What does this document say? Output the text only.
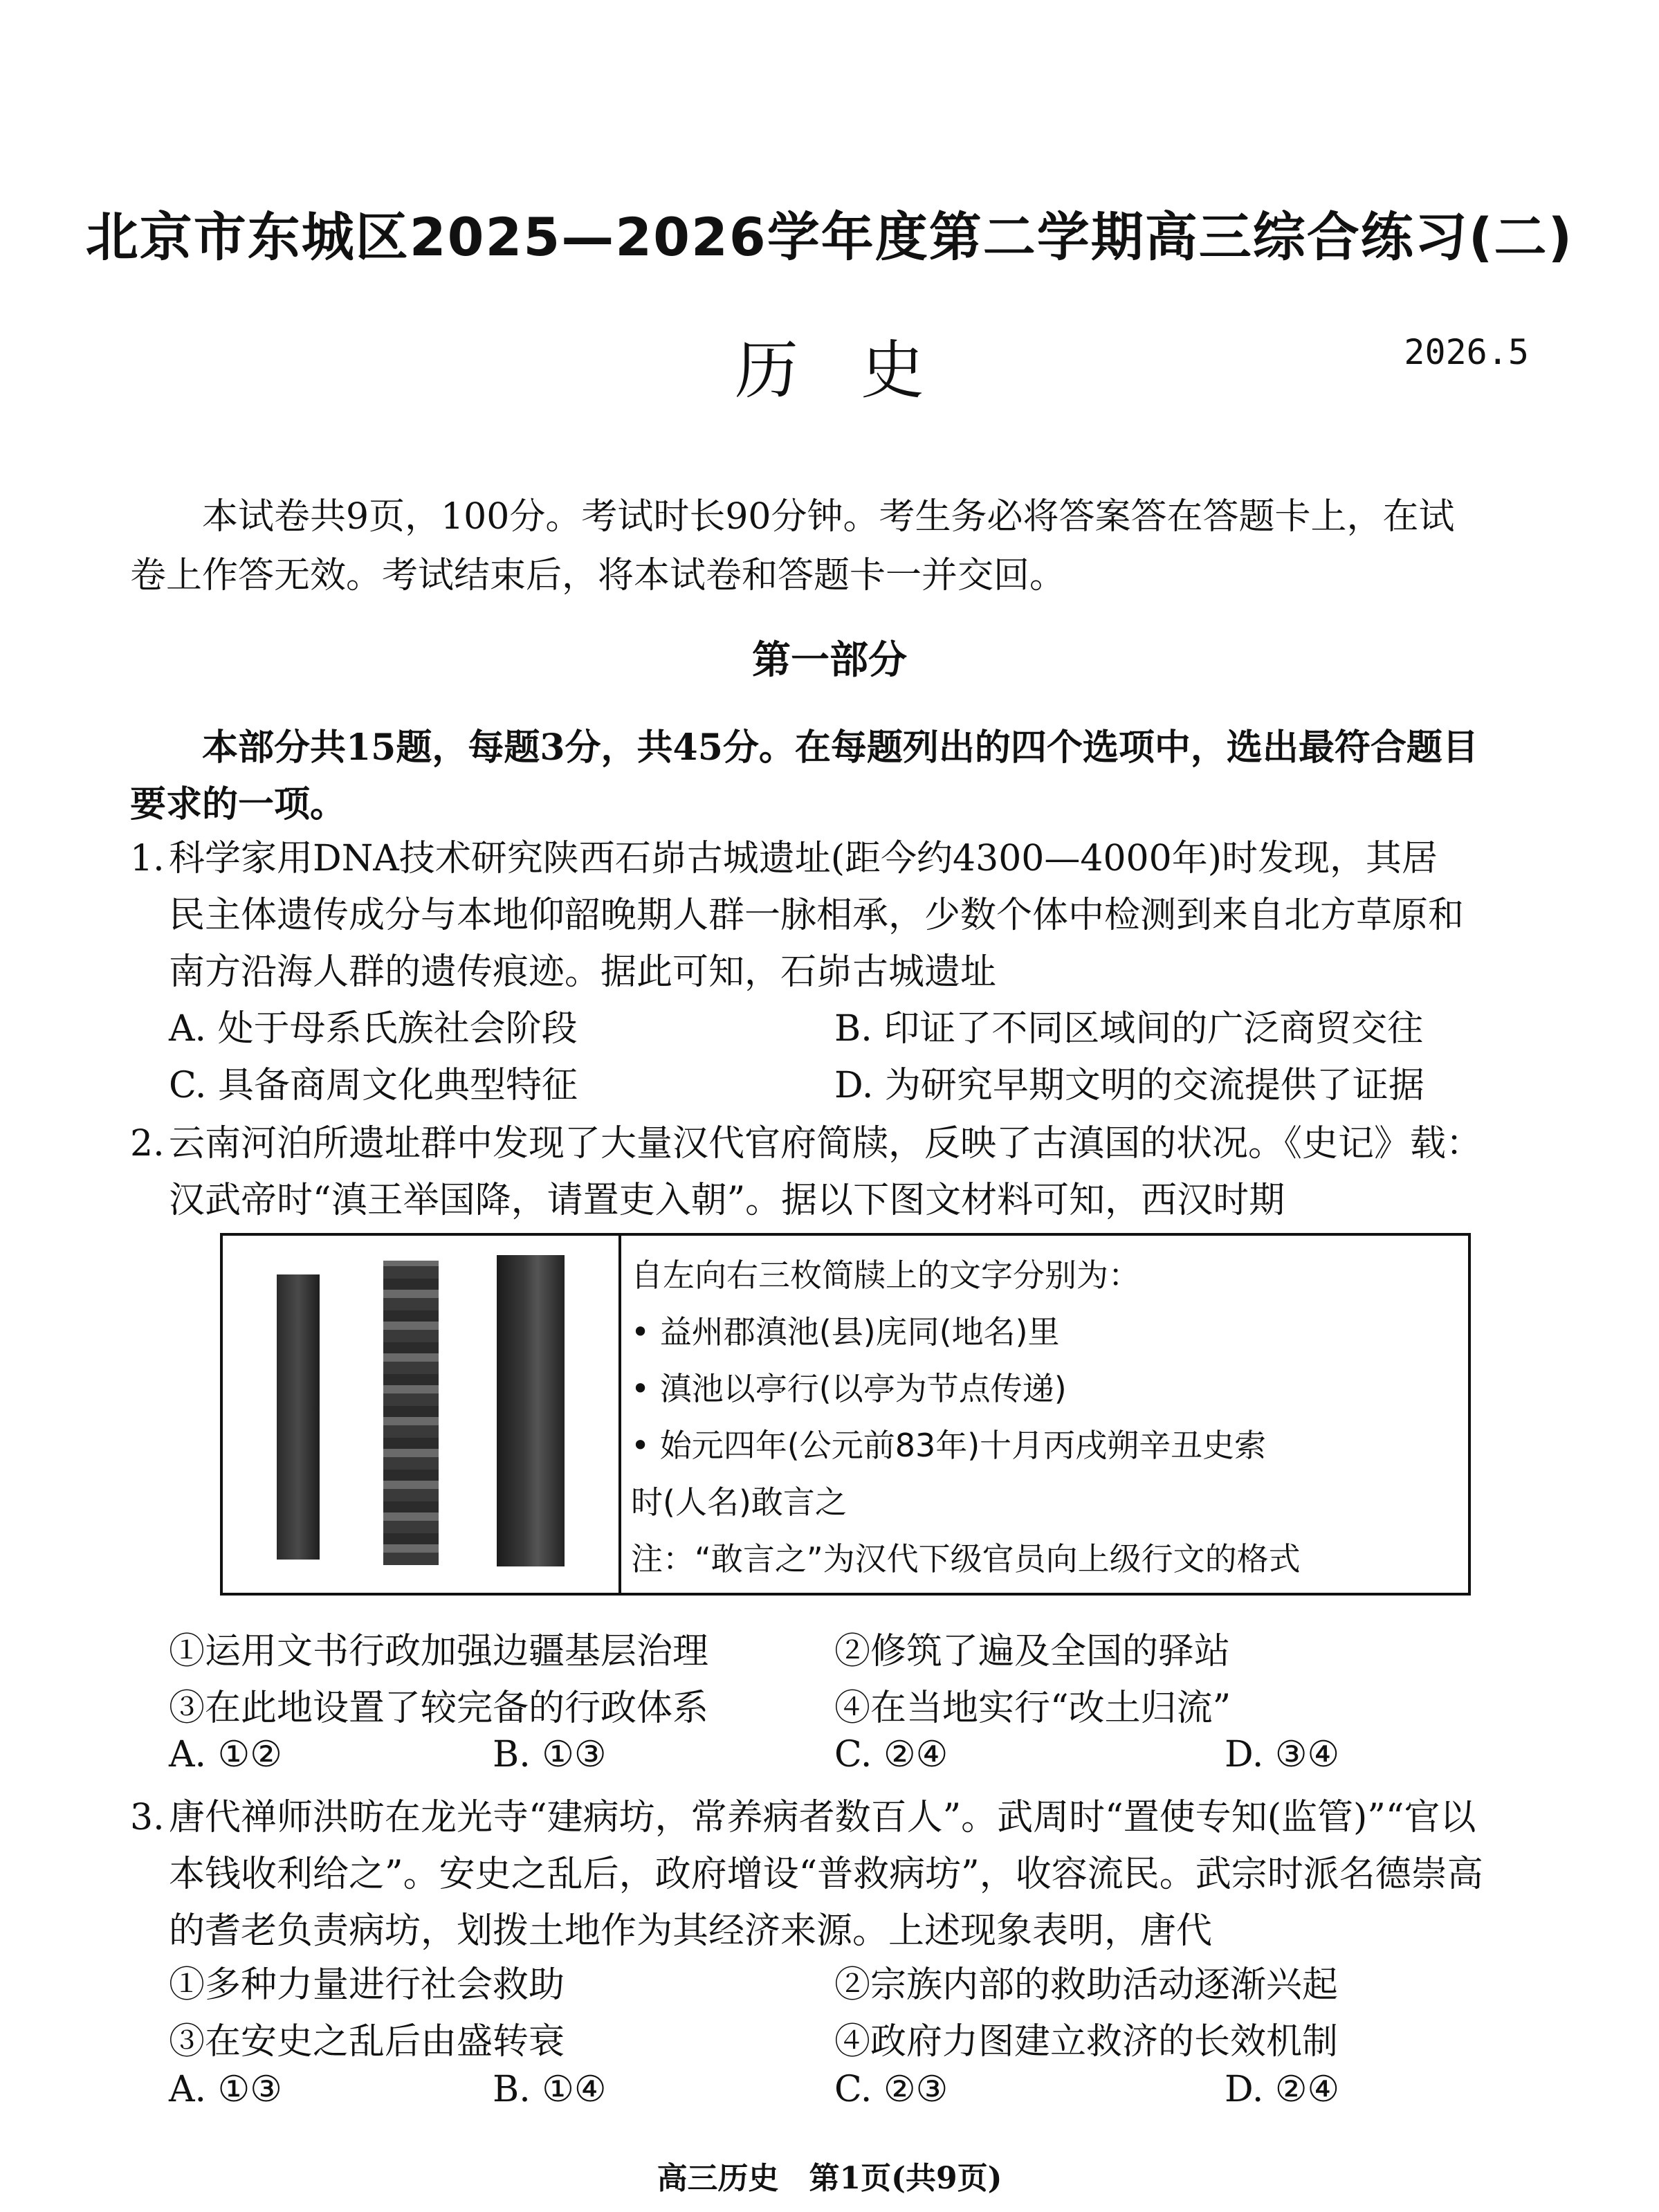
北京市东城区2025—2026学年度第二学期高三综合练习(二)
历史	2026.5
本试卷共9页，100分。考试时长90分钟。考生务必将答案答在答题卡上，在试
卷上作答无效。考试结束后，将本试卷和答题卡一并交回。
第一部分
本部分共15题，每题3分，共45分。在每题列出的四个选项中，选出最符合题目
要求的一项。
1. 科学家用DNA技术研究陕西石峁古城遗址(距今约4300—4000年)时发现，其居
民主体遗传成分与本地仰韶晚期人群一脉相承，少数个体中检测到来自北方草原和
南方沿海人群的遗传痕迹。据此可知，石峁古城遗址
A. 处于母系氏族社会阶段	B. 印证了不同区域间的广泛商贸交往
C. 具备商周文化典型特征	D. 为研究早期文明的交流提供了证据
2. 云南河泊所遗址群中发现了大量汉代官府简牍，反映了古滇国的状况。《史记》载：
汉武帝时“滇王举国降，请置吏入朝”。据以下图文材料可知，西汉时期
自左向右三枚简牍上的文字分别为：
• 益州郡滇池(县)庑同(地名)里
• 滇池以亭行(以亭为节点传递)
• 始元四年(公元前83年)十月丙戌朔辛丑史索
时(人名)敢言之
注：“敢言之”为汉代下级官员向上级行文的格式
①运用文书行政加强边疆基层治理	②修筑了遍及全国的驿站
③在此地设置了较完备的行政体系	④在当地实行“改土归流”
A. ①②	B. ①③	C. ②④	D. ③④
3. 唐代禅师洪昉在龙光寺“建病坊，常养病者数百人”。武周时“置使专知(监管)”“官以
本钱收利给之”。安史之乱后，政府增设“普救病坊”，收容流民。武宗时派名德崇高
的耆老负责病坊，划拨土地作为其经济来源。上述现象表明，唐代
①多种力量进行社会救助	②宗族内部的救助活动逐渐兴起
③在安史之乱后由盛转衰	④政府力图建立救济的长效机制
A. ①③	B. ①④	C. ②③	D. ②④
高三历史　第1页(共9页)
